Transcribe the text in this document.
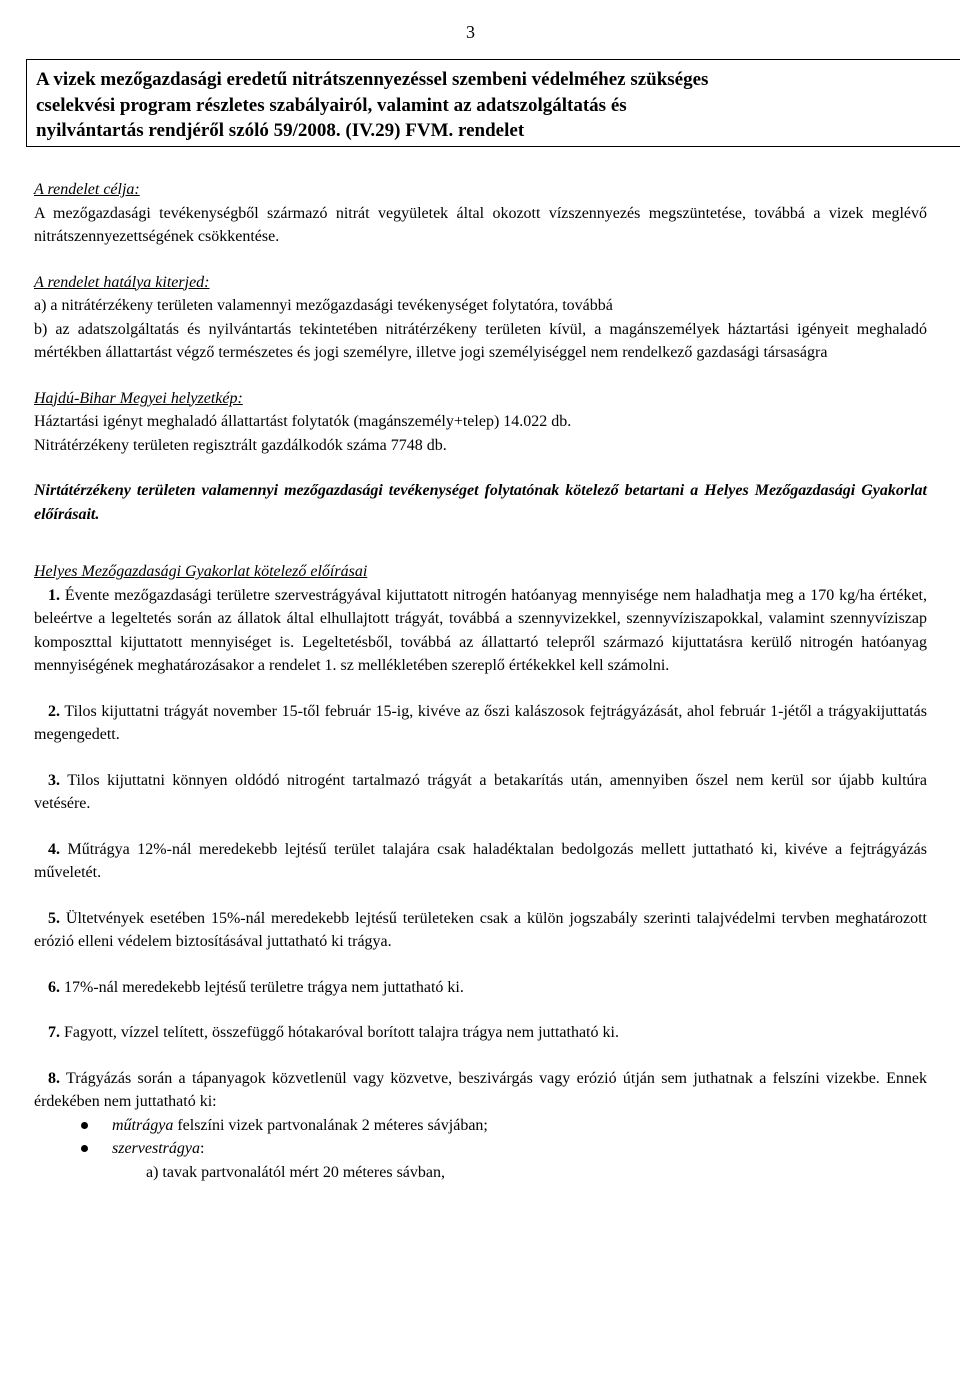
3
A vizek mezőgazdasági eredetű nitrátszennyezéssel szembeni védelméhez szükséges
cselekvési program részletes szabályairól, valamint az adatszolgáltatás és
nyilvántartás rendjéről szóló 59/2008. (IV.29) FVM. rendelet
A rendelet célja:
A mezőgazdasági tevékenységből származó nitrát vegyületek által okozott vízszennyezés megszüntetése, továbbá a vizek meglévő nitrátszennyezettségének csökkentése.
A rendelet hatálya kiterjed:
a) a nitrátérzékeny területen valamennyi mezőgazdasági tevékenységet folytatóra, továbbá
b) az adatszolgáltatás és nyilvántartás tekintetében nitrátérzékeny területen kívül, a magánszemélyek háztartási igényeit meghaladó mértékben állattartást végző természetes és jogi személyre, illetve jogi személyiséggel nem rendelkező gazdasági társaságra
Hajdú-Bihar Megyei helyzetkép:
Háztartási igényt meghaladó állattartást folytatók (magánszemély+telep) 14.022 db.
Nitrátérzékeny területen regisztrált gazdálkodók száma 7748 db.
Nirtátérzékeny területen valamennyi mezőgazdasági tevékenységet folytatónak kötelező betartani a Helyes Mezőgazdasági Gyakorlat előírásait.
Helyes Mezőgazdasági Gyakorlat kötelező előírásai

1. Évente mezőgazdasági területre szervestrágyával kijuttatott nitrogén hatóanyag mennyisége nem haladhatja meg a 170 kg/ha értéket, beleértve a legeltetés során az állatok által elhullajtott trágyát, továbbá a szennyvizekkel, szennyvíziszapokkal, valamint szennyvíziszap komposzttal kijuttatott mennyiséget is. Legeltetésből, továbbá az állattartó telepről származó kijuttatásra kerülő nitrogén hatóanyag mennyiségének meghatározásakor a rendelet 1. sz mellékletében szereplő értékekkel kell számolni.

2. Tilos kijuttatni trágyát november 15-től február 15-ig, kivéve az őszi kalászosok fejtrágyázását, ahol február 1-jétől a trágyakijuttatás megengedett.

3. Tilos kijuttatni könnyen oldódó nitrogént tartalmazó trágyát a betakarítás után, amennyiben őszel nem kerül sor újabb kultúra vetésére.

4. Műtrágya 12%-nál meredekebb lejtésű terület talajára csak haladéktalan bedolgozás mellett juttatható ki, kivéve a fejtrágyázás műveletét.

5. Ültetvények esetében 15%-nál meredekebb lejtésű területeken csak a külön jogszabály szerinti talajvédelmi tervben meghatározott erózió elleni védelem biztosításával juttatható ki trágya.

6. 17%-nál meredekebb lejtésű területre trágya nem juttatható ki.

7. Fagyott, vízzel telített, összefüggő hótakaróval borított talajra trágya nem juttatható ki.

8. Trágyázás során a tápanyagok közvetlenül vagy közvetve, beszivárgás vagy erózió útján sem juthatnak a felszíni vizekbe. Ennek érdekében nem juttatható ki:

műtrágya felszíni vizek partvonalának 2 méteres sávjában;
szervestrágya:
a) tavak partvonalától mért 20 méteres sávban,
